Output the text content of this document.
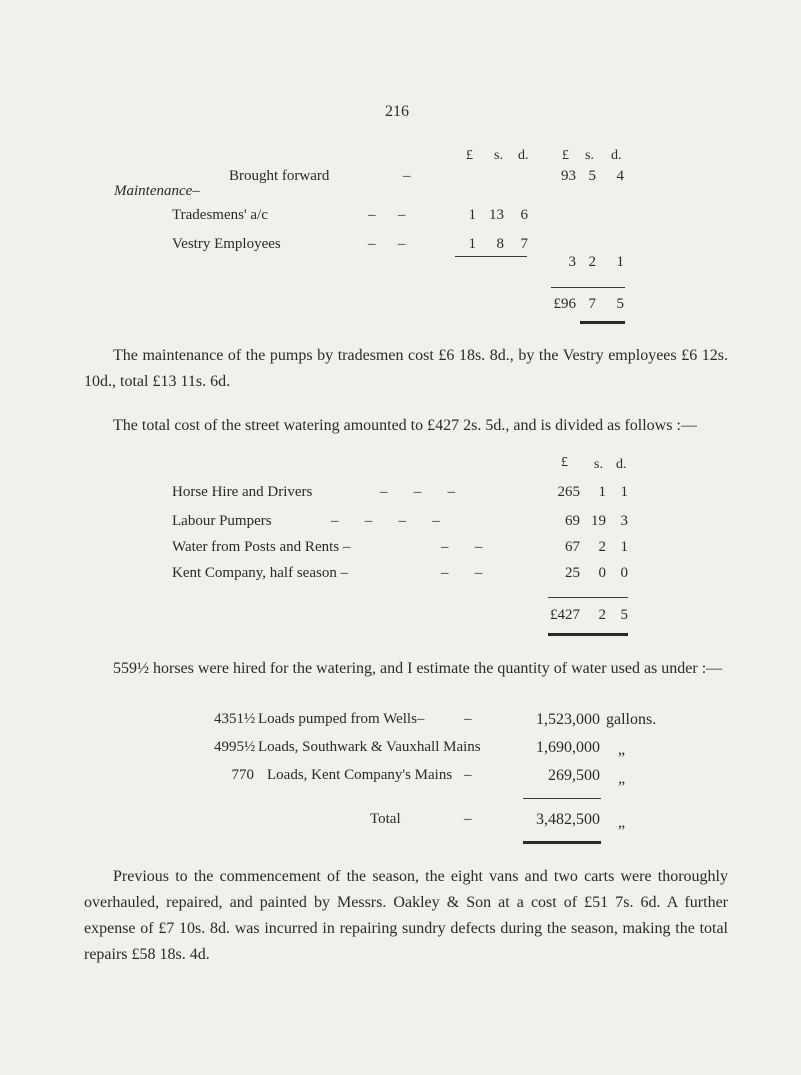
216
£ s. d. £ s. d.
Brought forward	–	93 5	4
Maintenance–
Tradesmens' a/c	–      –	1 13	6
Vestry Employees	–      –	1	8	7
3 2	1
£96 7	5
The maintenance of the pumps by tradesmen cost £6 18s. 8d., by the Vestry employees £6 12s. 10d., total £13 11s. 6d.
The total cost of the street watering amounted to £427 2s. 5d., and is divided as follows :—
£ s. d.
Horse Hire and Drivers	–       –       –	265	1 1
Labour Pumpers	–       –       –       –	69 19 3
Water from Posts and Rents –	–       –	67	2 1
Kent Company, half season –	–       –	25	0 0
£427	2 5
559½ horses were hired for the watering, and I estimate the quantity of water used as under :—
4351½ Loads pumped from Wells–	–	1,523,000 gallons.
4995½ Loads, Southwark & Vauxhall Mains	1,690,000 „
770 Loads, Kent Company's Mains –	269,500 „
Total	–	3,482,500 „
Previous to the commencement of the season, the eight vans and two carts were thoroughly overhauled, repaired, and painted by Messrs. Oakley & Son at a cost of £51 7s. 6d. A further expense of £7 10s. 8d. was incurred in repairing sundry defects during the season, making the total repairs £58 18s. 4d.
